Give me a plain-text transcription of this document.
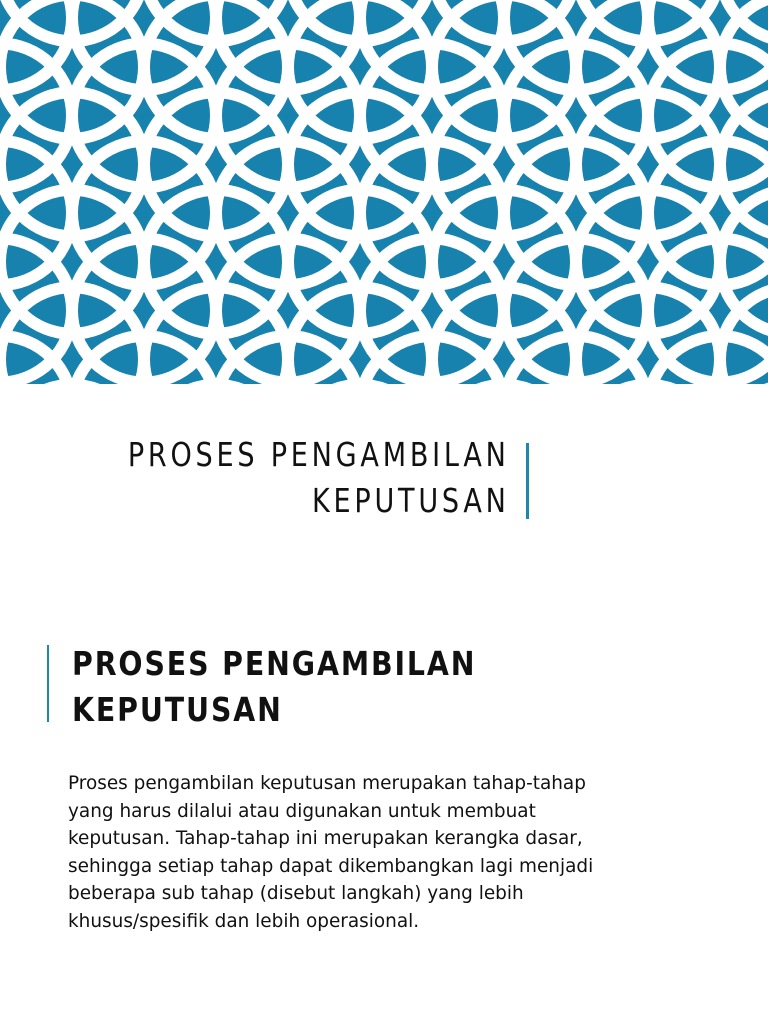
PROSES PENGAMBILAN
KEPUTUSAN
PROSES PENGAMBILAN
KEPUTUSAN

Proses pengambilan keputusan merupakan tahap-tahap
yang harus dilalui atau digunakan untuk membuat
keputusan. Tahap-tahap ini merupakan kerangka dasar,
sehingga setiap tahap dapat dikembangkan lagi menjadi
beberapa sub tahap (disebut langkah) yang lebih
khusus/spesifik dan lebih operasional.
